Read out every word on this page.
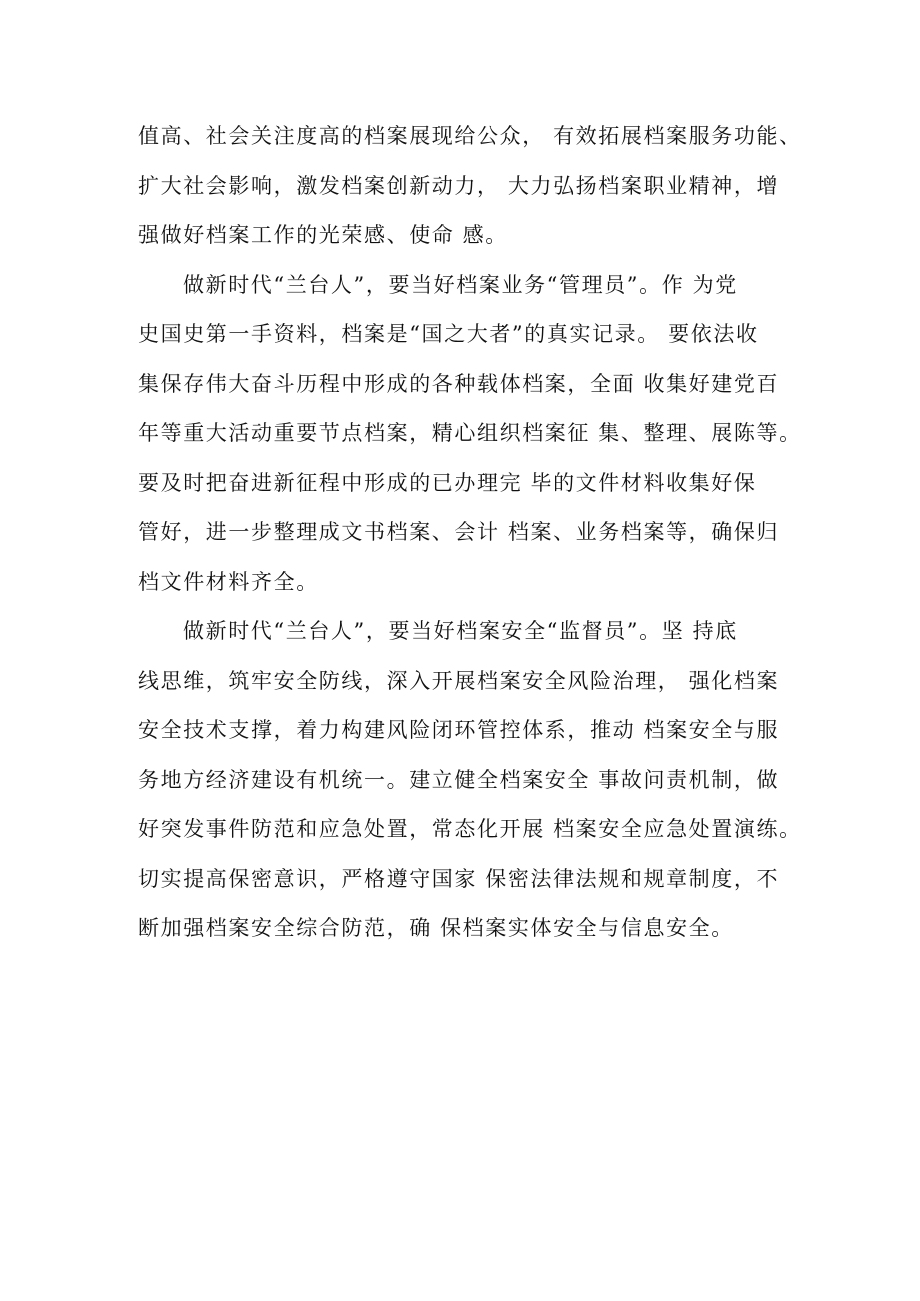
值高、社会关注度高的档案展现给公众， 有效拓展档案服务功能、
扩大社会影响，激发档案创新动力， 大力弘扬档案职业精神，增
强做好档案工作的光荣感、使命 感。
做新时代“兰台人”，要当好档案业务“管理员”。作 为党
史国史第一手资料，档案是“国之大者”的真实记录。 要依法收
集保存伟大奋斗历程中形成的各种载体档案，全面 收集好建党百
年等重大活动重要节点档案，精心组织档案征 集、整理、展陈等。
要及时把奋进新征程中形成的已办理完 毕的文件材料收集好保
管好，进一步整理成文书档案、会计 档案、业务档案等，确保归
档文件材料齐全。
做新时代“兰台人”，要当好档案安全“监督员”。坚 持底
线思维，筑牢安全防线，深入开展档案安全风险治理， 强化档案
安全技术支撑，着力构建风险闭环管控体系，推动 档案安全与服
务地方经济建设有机统一。建立健全档案安全 事故问责机制，做
好突发事件防范和应急处置，常态化开展 档案安全应急处置演练。
切实提高保密意识，严格遵守国家 保密法律法规和规章制度，不
断加强档案安全综合防范，确 保档案实体安全与信息安全。
